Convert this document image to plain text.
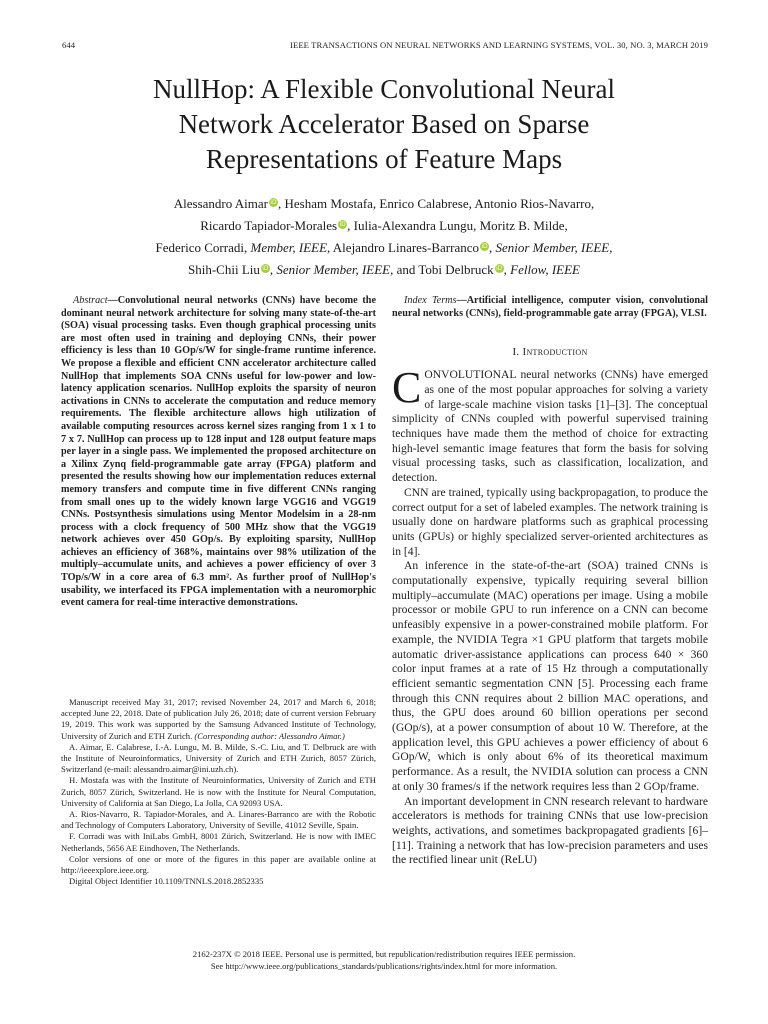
644	IEEE TRANSACTIONS ON NEURAL NETWORKS AND LEARNING SYSTEMS, VOL. 30, NO. 3, MARCH 2019
NullHop: A Flexible Convolutional Neural
Network Accelerator Based on Sparse
Representations of Feature Maps
Alessandro Aimar iD, Hesham Mostafa, Enrico Calabrese, Antonio Rios-Navarro,
Ricardo Tapiador-Morales iD, Iulia-Alexandra Lungu, Moritz B. Milde,
Federico Corradi, Member, IEEE, Alejandro Linares-Barranco iD, Senior Member, IEEE,
Shih-Chii Liu iD, Senior Member, IEEE, and Tobi Delbruck iD, Fellow, IEEE
Abstract—Convolutional neural networks (CNNs) have become the dominant neural network architecture for solving many state-of-the-art (SOA) visual processing tasks. Even though graphical processing units are most often used in training and deploying CNNs, their power efficiency is less than 10 GOp/s/W for single-frame runtime inference. We propose a flexible and efficient CNN accelerator architecture called NullHop that implements SOA CNNs useful for low-power and low-latency application scenarios. NullHop exploits the sparsity of neuron activations in CNNs to accelerate the computation and reduce memory requirements. The flexible architecture allows high utilization of available computing resources across kernel sizes ranging from 1 x 1 to 7 x 7. NullHop can process up to 128 input and 128 output feature maps per layer in a single pass. We implemented the proposed architecture on a Xilinx Zynq field-programmable gate array (FPGA) platform and presented the results showing how our implementation reduces external memory transfers and compute time in five different CNNs ranging from small ones up to the widely known large VGG16 and VGG19 CNNs. Postsynthesis simulations using Mentor Modelsim in a 28-nm process with a clock frequency of 500 MHz show that the VGG19 network achieves over 450 GOp/s. By exploiting sparsity, NullHop achieves an efficiency of 368%, maintains over 98% utilization of the multiply–accumulate units, and achieves a power efficiency of over 3 TOp/s/W in a core area of 6.3 mm². As further proof of NullHop's usability, we interfaced its FPGA implementation with a neuromorphic event camera for real-time interactive demonstrations.

Manuscript received May 31, 2017; revised November 24, 2017 and March 6, 2018; accepted June 22, 2018. Date of publication July 26, 2018; date of current version February 19, 2019. This work was supported by the Samsung Advanced Institute of Technology, University of Zurich and ETH Zurich. (Corresponding author: Alessandro Aimar.)

A. Aimar, E. Calabrese, I.-A. Lungu, M. B. Milde, S.-C. Liu, and T. Delbruck are with the Institute of Neuroinformatics, University of Zurich and ETH Zurich, 8057 Zürich, Switzerland (e-mail: alessandro.aimar@ini.uzh.ch).

H. Mostafa was with the Institute of Neuroinformatics, University of Zurich and ETH Zurich, 8057 Zürich, Switzerland. He is now with the Institute for Neural Computation, University of California at San Diego, La Jolla, CA 92093 USA.

A. Rios-Navarro, R. Tapiador-Morales, and A. Linares-Barranco are with the Robotic and Technology of Computers Laboratory, University of Seville, 41012 Seville, Spain.

F. Corradi was with IniLabs GmbH, 8001 Zürich, Switzerland. He is now with IMEC Netherlands, 5656 AE Eindhoven, The Netherlands.

Color versions of one or more of the figures in this paper are available online at http://ieeexplore.ieee.org.

Digital Object Identifier 10.1109/TNNLS.2018.2852335

Index Terms—Artificial intelligence, computer vision, convolutional neural networks (CNNs), field-programmable gate array (FPGA), VLSI.
I. Introduction

CONVOLUTIONAL neural networks (CNNs) have emerged as one of the most popular approaches for solving a variety of large-scale machine vision tasks [1]–[3]. The conceptual simplicity of CNNs coupled with powerful supervised training techniques have made them the method of choice for extracting high-level semantic image features that form the basis for solving visual processing tasks, such as classification, localization, and detection.

CNN are trained, typically using backpropagation, to produce the correct output for a set of labeled examples. The network training is usually done on hardware platforms such as graphical processing units (GPUs) or highly specialized server-oriented architectures as in [4].

An inference in the state-of-the-art (SOA) trained CNNs is computationally expensive, typically requiring several billion multiply–accumulate (MAC) operations per image. Using a mobile processor or mobile GPU to run inference on a CNN can become unfeasibly expensive in a power-constrained mobile platform. For example, the NVIDIA Tegra ×1 GPU platform that targets mobile automatic driver-assistance applications can process 640 × 360 color input frames at a rate of 15 Hz through a computationally efficient semantic segmentation CNN [5]. Processing each frame through this CNN requires about 2 billion MAC operations, and thus, the GPU does around 60 billion operations per second (GOp/s), at a power consumption of about 10 W. Therefore, at the application level, this GPU achieves a power efficiency of about 6 GOp/W, which is only about 6% of its theoretical maximum performance. As a result, the NVIDIA solution can process a CNN at only 30 frames/s if the network requires less than 2 GOp/frame.

An important development in CNN research relevant to hardware accelerators is methods for training CNNs that use low-precision weights, activations, and sometimes backpropagated gradients [6]–[11]. Training a network that has low-precision parameters and uses the rectified linear unit (ReLU)

2162-237X © 2018 IEEE. Personal use is permitted, but republication/redistribution requires IEEE permission.
See http://www.ieee.org/publications_standards/publications/rights/index.html for more information.
